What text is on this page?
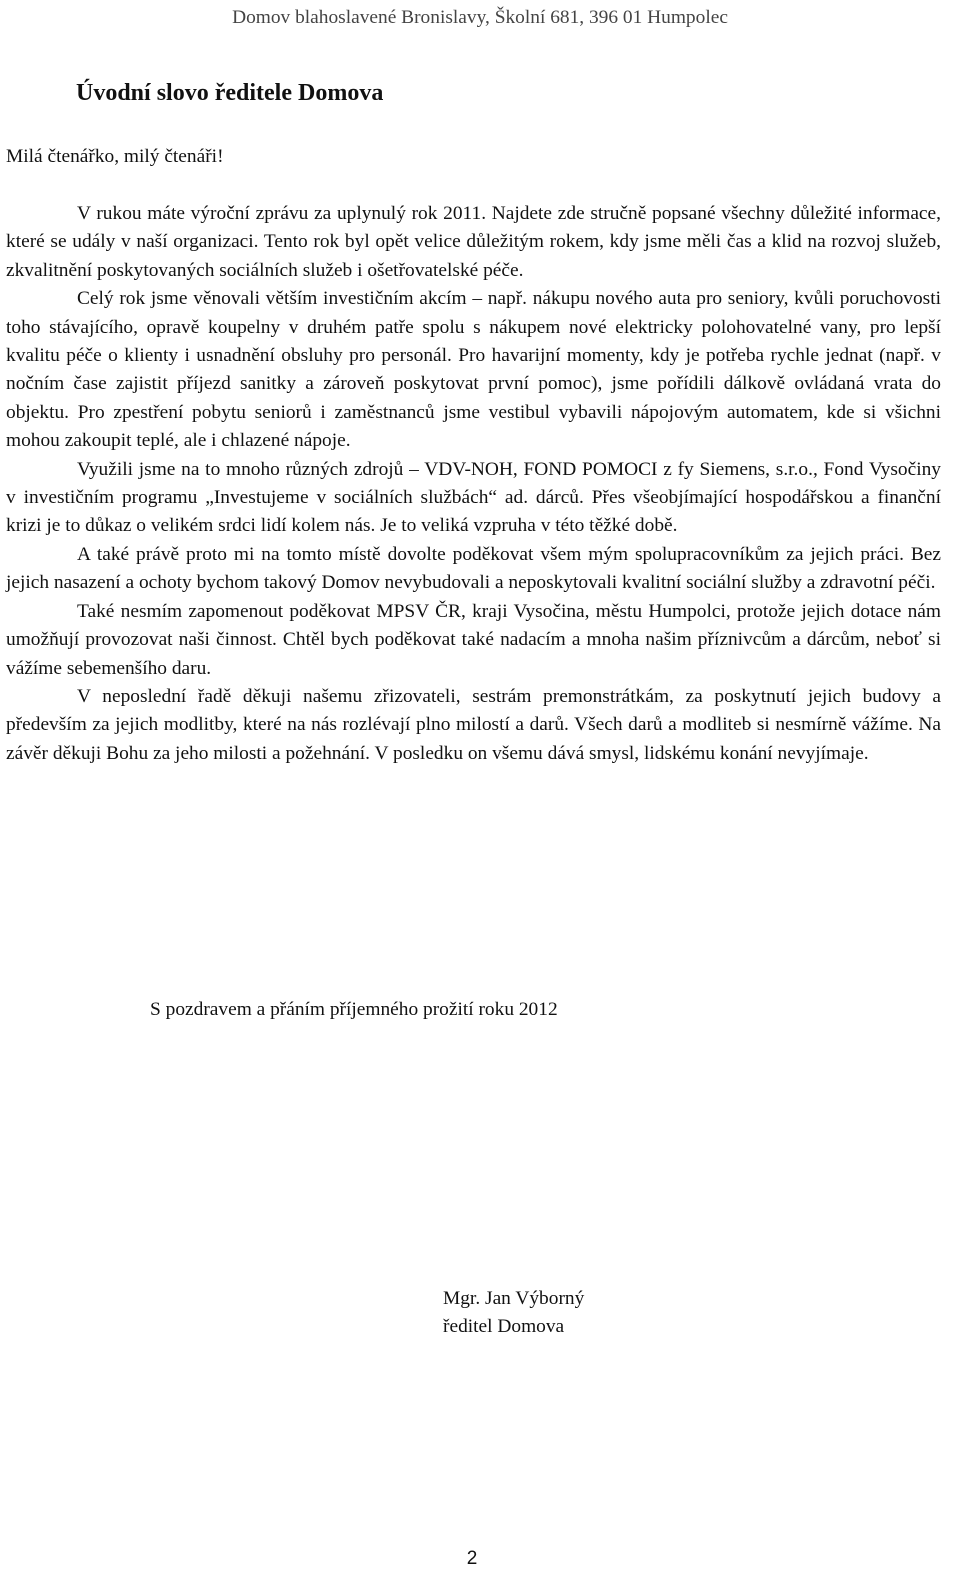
Domov blahoslavené Bronislavy, Školní 681, 396 01 Humpolec
Úvodní slovo ředitele Domova

Milá čtenářko, milý čtenáři!

V rukou máte výroční zprávu za uplynulý rok 2011. Najdete zde stručně popsané všechny důležité informace, které se udály v naší organizaci. Tento rok byl opět velice důležitým rokem, kdy jsme měli čas a klid na rozvoj služeb, zkvalitnění poskytovaných sociálních služeb i ošetřovatelské péče.

Celý rok jsme věnovali větším investičním akcím – např. nákupu nového auta pro seniory, kvůli poruchovosti toho stávajícího, opravě koupelny v druhém patře spolu s nákupem nové elektricky polohovatelné vany, pro lepší kvalitu péče o klienty i usnadnění obsluhy pro personál. Pro havarijní momenty, kdy je potřeba rychle jednat (např. v nočním čase zajistit příjezd sanitky a zároveň poskytovat první pomoc), jsme pořídili dálkově ovládaná vrata do objektu. Pro zpestření pobytu seniorů i zaměstnanců jsme vestibul vybavili nápojovým automatem, kde si všichni mohou zakoupit teplé, ale i chlazené nápoje.

Využili jsme na to mnoho různých zdrojů – VDV-NOH, FOND POMOCI z fy Siemens, s.r.o., Fond Vysočiny v investičním programu „Investujeme v sociálních službách“ ad. dárců. Přes všeobjímající hospodářskou a finanční krizi je to důkaz o velikém srdci lidí kolem nás. Je to veliká vzpruha v této těžké době.

A také právě proto mi na tomto místě dovolte poděkovat všem mým spolupracovníkům za jejich práci. Bez jejich nasazení a ochoty bychom takový Domov nevybudovali a neposkytovali kvalitní sociální služby a zdravotní péči.

Také nesmím zapomenout poděkovat MPSV ČR, kraji Vysočina, městu Humpolci, protože jejich dotace nám umožňují provozovat naši činnost. Chtěl bych poděkovat také nadacím a mnoha našim příznivcům a dárcům, neboť si vážíme sebemenšího daru.

V neposlední řadě děkuji našemu zřizovateli, sestrám premonstrátkám, za poskytnutí jejich budovy a především za jejich modlitby, které na nás rozlévají plno milostí a darů. Všech darů a modliteb si nesmírně vážíme. Na závěr děkuji Bohu za jeho milosti a požehnání. V posledku on všemu dává smysl, lidskému konání nevyjímaje.

S pozdravem a přáním příjemného prožití roku 2012

Mgr. Jan Výborný

ředitel Domova

2
